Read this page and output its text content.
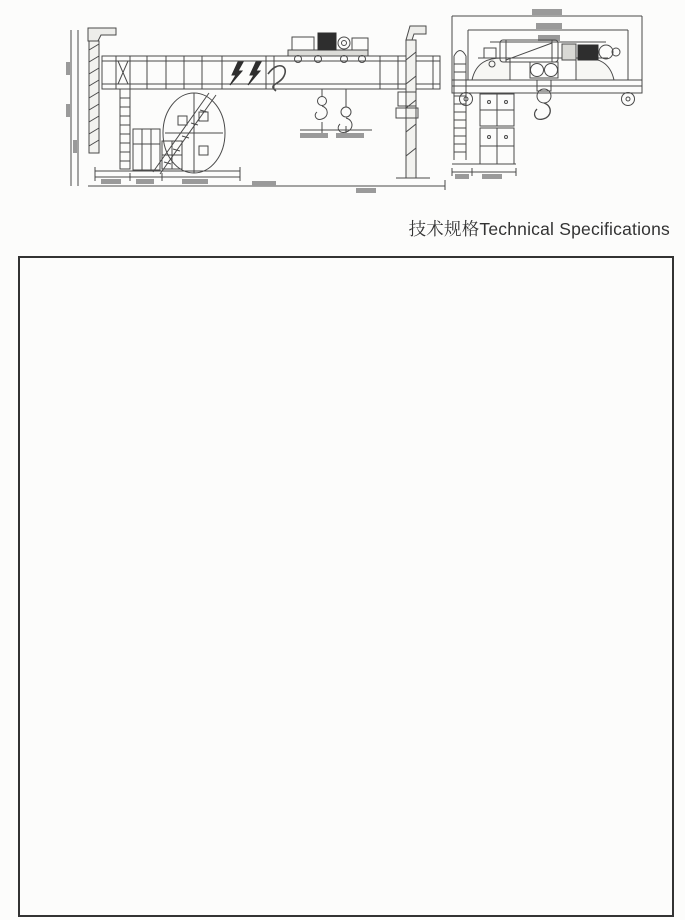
技术规格Technical Specifications
